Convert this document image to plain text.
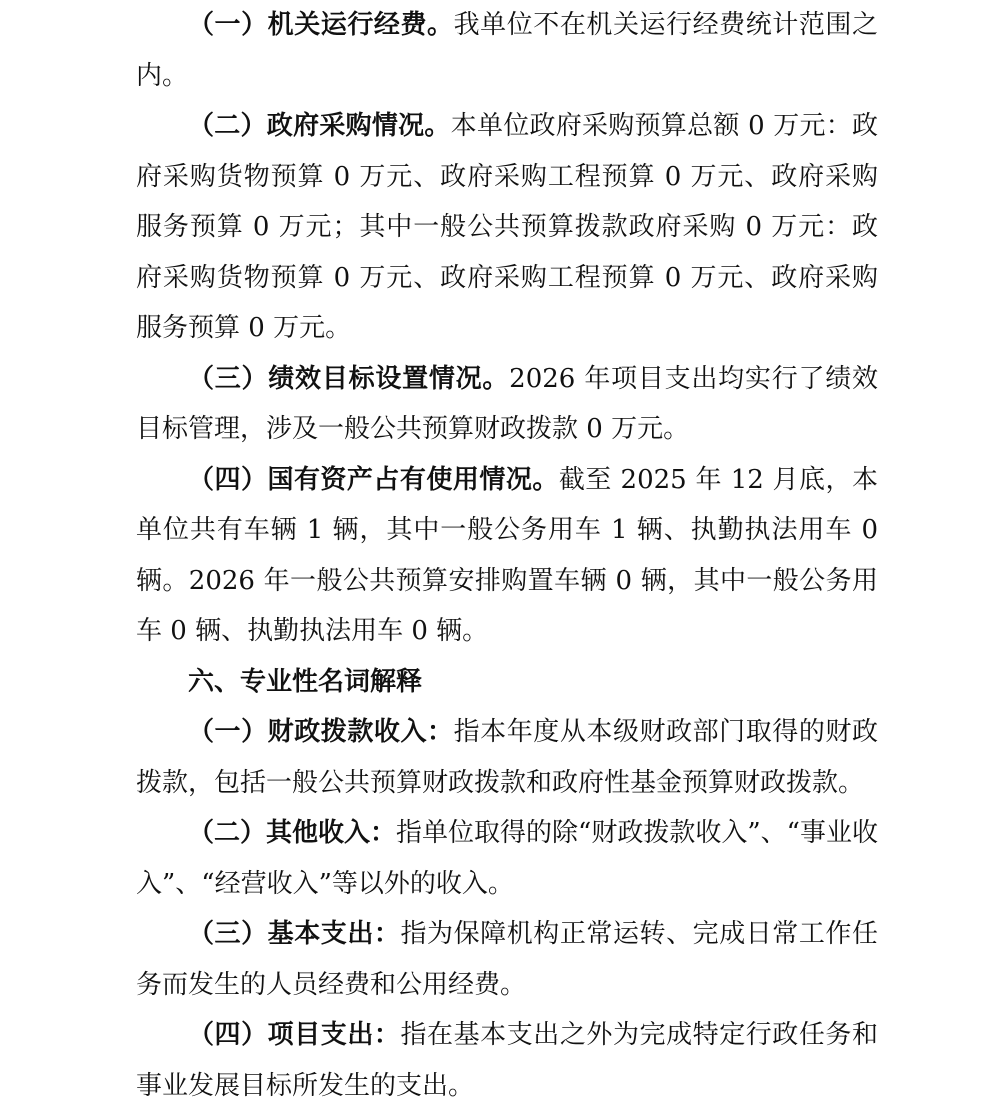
（一）机关运行经费。我单位不在机关运行经费统计范围之内。

（二）政府采购情况。本单位政府采购预算总额 0 万元：政府采购货物预算 0 万元、政府采购工程预算 0 万元、政府采购服务预算 0 万元；其中一般公共预算拨款政府采购 0 万元：政府采购货物预算 0 万元、政府采购工程预算 0 万元、政府采购服务预算 0 万元。

（三）绩效目标设置情况。2026 年项目支出均实行了绩效目标管理，涉及一般公共预算财政拨款 0 万元。

（四）国有资产占有使用情况。截至 2025 年 12 月底，本单位共有车辆 1 辆，其中一般公务用车 1 辆、执勤执法用车 0 辆。2026 年一般公共预算安排购置车辆 0 辆，其中一般公务用车 0 辆、执勤执法用车 0 辆。

六、专业性名词解释

（一）财政拨款收入：指本年度从本级财政部门取得的财政拨款，包括一般公共预算财政拨款和政府性基金预算财政拨款。

（二）其他收入：指单位取得的除“财政拨款收入”、“事业收入”、“经营收入”等以外的收入。

（三）基本支出：指为保障机构正常运转、完成日常工作任务而发生的人员经费和公用经费。

（四）项目支出：指在基本支出之外为完成特定行政任务和事业发展目标所发生的支出。
